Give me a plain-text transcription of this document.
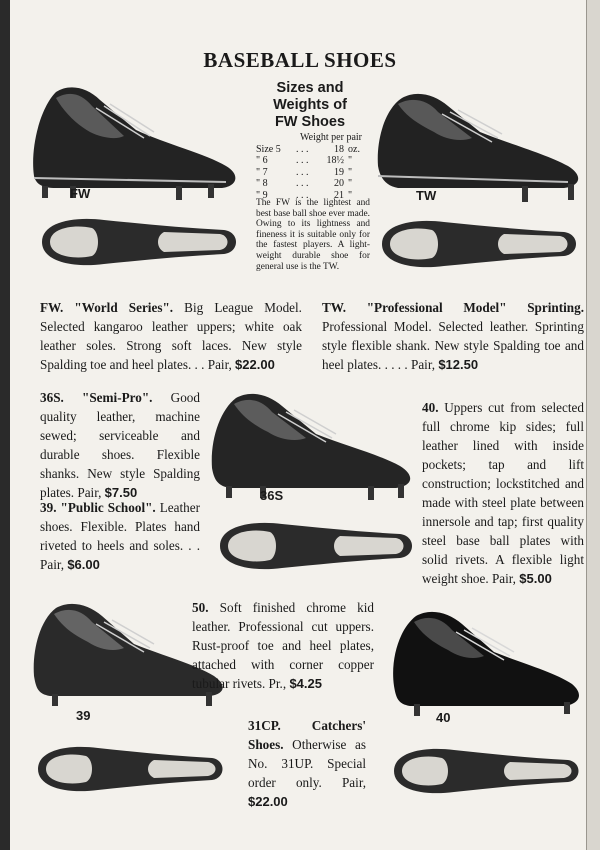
BASEBALL SHOES
Sizes and
Weights of
FW Shoes
Weight per pair
Size 5	. . .	18 oz.
" 6	. . .	18½ "
" 7	. . .	19 "
" 8	. . .	20 "
" 9	. . .	21 "
The FW is the lightest and best base ball shoe ever made. Owing to its lightness and fineness it is suitable only for the fastest players. A light-weight durable shoe for general use is the TW.
FW	TW
36S
39	40
FW. "World Series". Big League Model. Selected kangaroo leather uppers; white oak leather soles. Strong soft laces. New style Spalding toe and heel plates. . . Pair, $22.00
TW. "Professional Model" Sprinting. Professional Model. Selected leather. Sprinting style flexible shank. New style Spalding toe and heel plates. . . . . Pair, $12.50
36S. "Semi-Pro". Good quality leather, machine sewed; serviceable and durable shoes. Flexible shanks. New style Spalding plates. Pair, $7.50
39. "Public School". Leather shoes. Flexible. Plates hand riveted to heels and soles. . . Pair, $6.00
40. Uppers cut from selected full chrome kip sides; full leather lined with inside pockets; tap and lift construction; lockstitched and made with steel plate between innersole and tap; first quality steel base ball plates with solid rivets. A flexible light weight shoe. Pair, $5.00
50. Soft finished chrome kid leather. Professional cut uppers. Rust-proof toe and heel plates, attached with corner copper tubular rivets. Pr., $4.25
31CP. Catchers' Shoes. Otherwise as No. 31UP. Special order only. Pair, $22.00
